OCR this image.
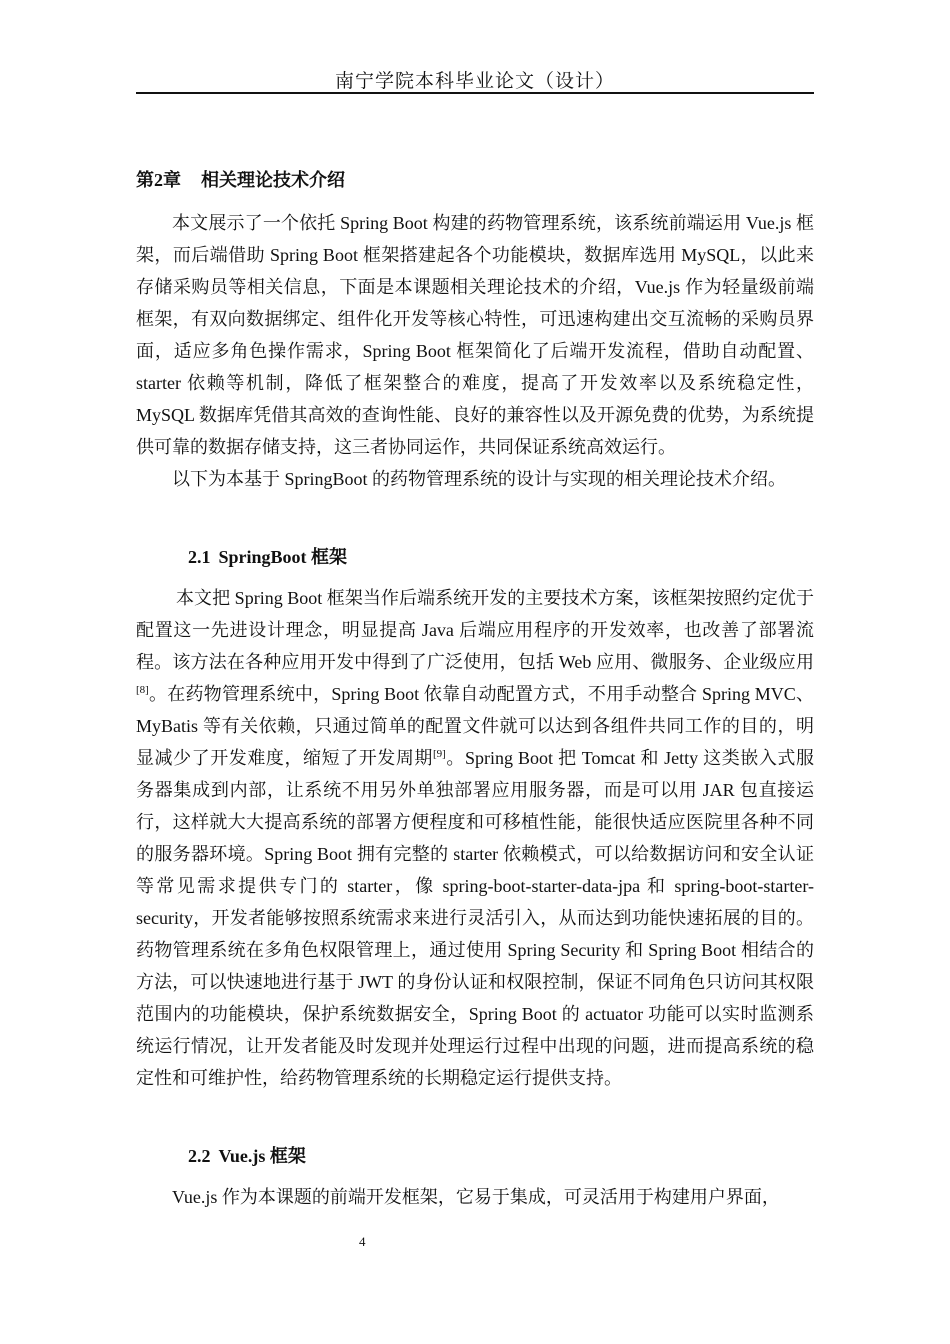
南宁学院本科毕业论文（设计）
第2章 相关理论技术介绍

本文展示了一个依托 Spring Boot 构建的药物管理系统，该系统前端运用 Vue.js 框架，而后端借助 Spring Boot 框架搭建起各个功能模块，数据库选用 MySQL，以此来存储采购员等相关信息，下面是本课题相关理论技术的介绍，Vue.js 作为轻量级前端框架，有双向数据绑定、组件化开发等核心特性，可迅速构建出交互流畅的采购员界面，适应多角色操作需求，Spring Boot 框架简化了后端开发流程，借助自动配置、starter 依赖等机制，降低了框架整合的难度，提高了开发效率以及系统稳定性，MySQL 数据库凭借其高效的查询性能、良好的兼容性以及开源免费的优势，为系统提供可靠的数据存储支持，这三者协同运作，共同保证系统高效运行。

以下为本基于 SpringBoot 的药物管理系统的设计与实现的相关理论技术介绍。

2.1 SpringBoot 框架

本文把 Spring Boot 框架当作后端系统开发的主要技术方案，该框架按照约定优于配置这一先进设计理念，明显提高 Java 后端应用程序的开发效率，也改善了部署流程。该方法在各种应用开发中得到了广泛使用，包括 Web 应用、微服务、企业级应用[8]。在药物管理系统中，Spring Boot 依靠自动配置方式，不用手动整合 Spring MVC、MyBatis 等有关依赖，只通过简单的配置文件就可以达到各组件共同工作的目的，明显减少了开发难度，缩短了开发周期[9]。Spring Boot 把 Tomcat 和 Jetty 这类嵌入式服务器集成到内部，让系统不用另外单独部署应用服务器，而是可以用 JAR 包直接运行，这样就大大提高系统的部署方便程度和可移植性能，能很快适应医院里各种不同的服务器环境。Spring Boot 拥有完整的 starter 依赖模式，可以给数据访问和安全认证等常见需求提供专门的 starter，像 spring-boot-starter-data-jpa 和 spring-boot-starter-security，开发者能够按照系统需求来进行灵活引入，从而达到功能快速拓展的目的。药物管理系统在多角色权限管理上，通过使用 Spring Security 和 Spring Boot 相结合的方法，可以快速地进行基于 JWT 的身份认证和权限控制，保证不同角色只访问其权限范围内的功能模块，保护系统数据安全，Spring Boot 的 actuator 功能可以实时监测系统运行情况，让开发者能及时发现并处理运行过程中出现的问题，进而提高系统的稳定性和可维护性，给药物管理系统的长期稳定运行提供支持。

2.2 Vue.js 框架

Vue.js 作为本课题的前端开发框架，它易于集成，可灵活用于构建用户界面，

4
